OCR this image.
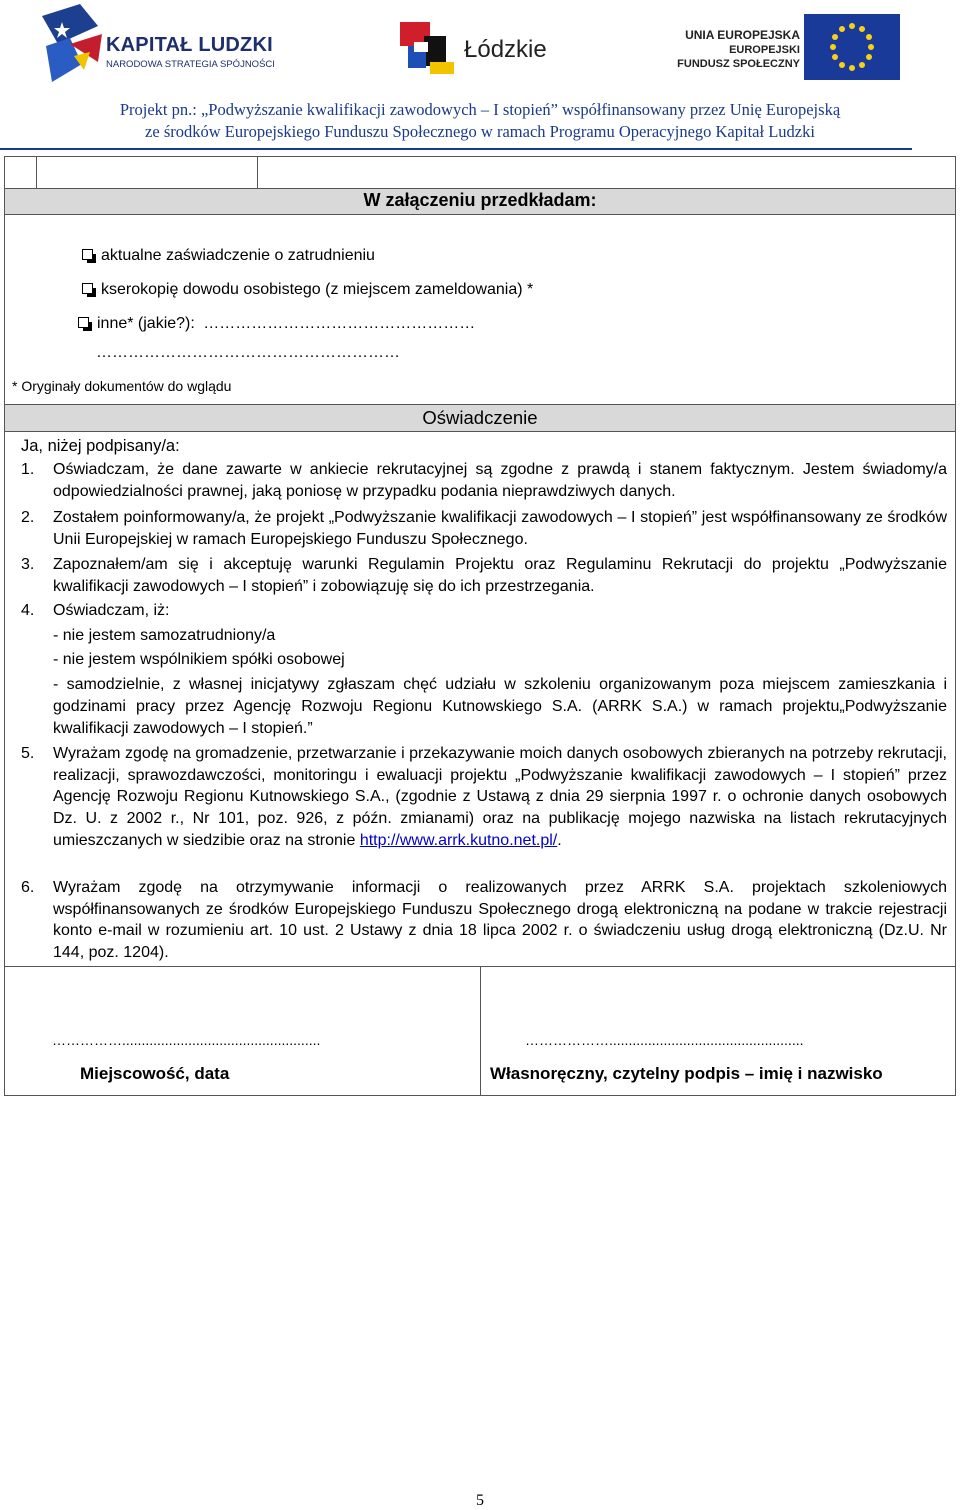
KAPITAŁ LUDZKI
NARODOWA STRATEGIA SPÓJNOŚCI
Łódzkie
UNIA EUROPEJSKA
EUROPEJSKI
FUNDUSZ SPOŁECZNY
Projekt pn.: „Podwyższanie kwalifikacji zawodowych – I stopień” współfinansowany przez Unię Europejską
ze środków Europejskiego Funduszu Społecznego w ramach Programu Operacyjnego Kapitał Ludzki
W załączeniu przedkładam:
aktualne zaświadczenie o zatrudnieniu
kserokopię dowodu osobistego (z miejscem zameldowania) *
inne* (jakie?): ……………………………………………
…………………………………………………
* Oryginały dokumentów do wglądu
Oświadczenie
Ja, niżej podpisany/a:
1. Oświadczam, że dane zawarte w ankiecie rekrutacyjnej są zgodne z prawdą i stanem faktycznym. Jestem świadomy/a odpowiedzialności prawnej, jaką poniosę w przypadku podania nieprawdziwych danych.
2. Zostałem poinformowany/a, że projekt „Podwyższanie kwalifikacji zawodowych – I stopień” jest współfinansowany ze środków Unii Europejskiej w ramach Europejskiego Funduszu Społecznego.
3. Zapoznałem/am się i akceptuję warunki Regulamin Projektu oraz Regulaminu Rekrutacji do projektu „Podwyższanie kwalifikacji zawodowych – I stopień” i zobowiązuję się do ich przestrzegania.
4. Oświadczam, iż:
- nie jestem samozatrudniony/a
- nie jestem wspólnikiem spółki osobowej
- samodzielnie, z własnej inicjatywy zgłaszam chęć udziału w szkoleniu organizowanym poza miejscem zamieszkania i godzinami pracy przez Agencję Rozwoju Regionu Kutnowskiego S.A. (ARRK S.A.) w ramach projektu„Podwyższanie kwalifikacji zawodowych – I stopień.”
5. Wyrażam zgodę na gromadzenie, przetwarzanie i przekazywanie moich danych osobowych zbieranych na potrzeby rekrutacji, realizacji, sprawozdawczości, monitoringu i ewaluacji projektu „Podwyższanie kwalifikacji zawodowych – I stopień” przez Agencję Rozwoju Regionu Kutnowskiego S.A., (zgodnie z Ustawą z dnia 29 sierpnia 1997 r. o ochronie danych osobowych Dz. U. z 2002 r., Nr 101, poz. 926, z późn. zmianami) oraz na publikację mojego nazwiska na listach rekrutacyjnych umieszczanych w siedzibie oraz na stronie http://www.arrk.kutno.net.pl/.
6. Wyrażam zgodę na otrzymywanie informacji o realizowanych przez ARRK S.A. projektach szkoleniowych współfinansowanych ze środków Europejskiego Funduszu Społecznego drogą elektroniczną na podane w trakcie rejestracji konto e-mail w rozumieniu art. 10 ust. 2 Ustawy z dnia 18 lipca 2002 r. o świadczeniu usług drogą elektroniczną (Dz.U. Nr 144, poz. 1204).
……………...................................................
Miejscowość, data
………………..................................................
Własnoręczny, czytelny podpis – imię i nazwisko
5
